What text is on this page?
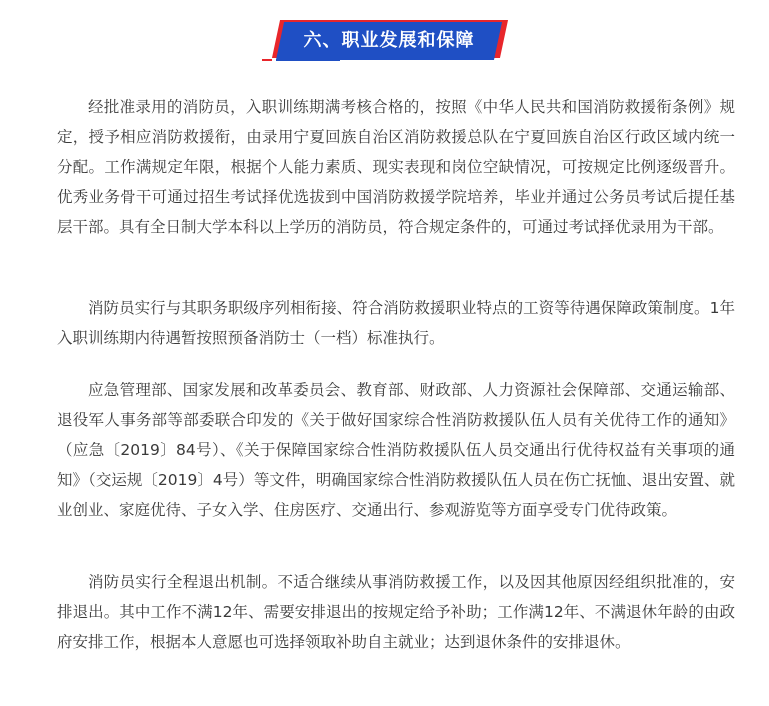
六、职业发展和保障

经批准录用的消防员，入职训练期满考核合格的，按照《中华人民共和国消防救援衔条例》规定，授予相应消防救援衔，由录用宁夏回族自治区消防救援总队在宁夏回族自治区行政区域内统一分配。工作满规定年限，根据个人能力素质、现实表现和岗位空缺情况，可按规定比例逐级晋升。优秀业务骨干可通过招生考试择优选拔到中国消防救援学院培养，毕业并通过公务员考试后提任基层干部。具有全日制大学本科以上学历的消防员，符合规定条件的，可通过考试择优录用为干部。

消防员实行与其职务职级序列相衔接、符合消防救援职业特点的工资等待遇保障政策制度。1年入职训练期内待遇暂按照预备消防士（一档）标准执行。

应急管理部、国家发展和改革委员会、教育部、财政部、人力资源社会保障部、交通运输部、退役军人事务部等部委联合印发的《关于做好国家综合性消防救援队伍人员有关优待工作的通知》（应急〔2019〕84号）、《关于保障国家综合性消防救援队伍人员交通出行优待权益有关事项的通知》（交运规〔2019〕4号）等文件，明确国家综合性消防救援队伍人员在伤亡抚恤、退出安置、就业创业、家庭优待、子女入学、住房医疗、交通出行、参观游览等方面享受专门优待政策。

消防员实行全程退出机制。不适合继续从事消防救援工作，以及因其他原因经组织批准的，安排退出。其中工作不满12年、需要安排退出的按规定给予补助；工作满12年、不满退休年龄的由政府安排工作，根据本人意愿也可选择领取补助自主就业；达到退休条件的安排退休。
